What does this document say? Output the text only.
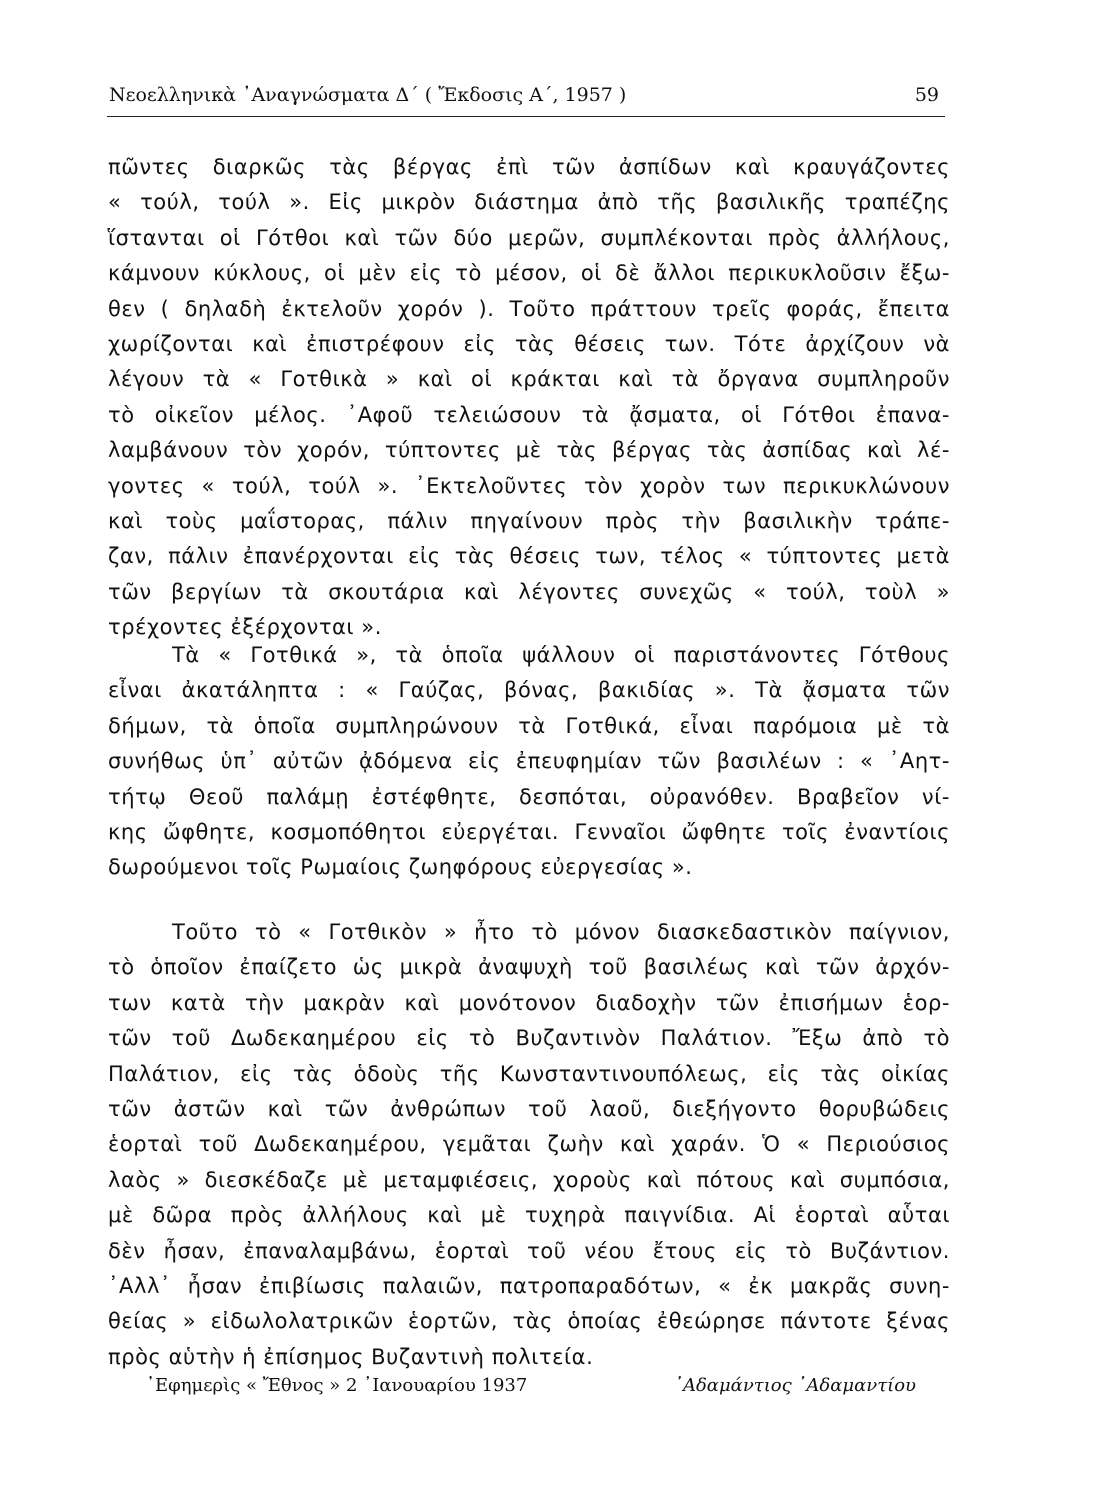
Νεοελληνικὰ ᾿Αναγνώσματα Δ΄ ( Ἔκδοσις Α΄, 1957 )	59
πῶντες διαρκῶς τὰς βέργας ἐπὶ τῶν ἀσπίδων καὶ κραυγάζοντες
« τούλ, τούλ ». Εἰς μικρὸν διάστημα ἀπὸ τῆς βασιλικῆς τραπέζης
ἵστανται οἱ Γότθοι καὶ τῶν δύο μερῶν, συμπλέκονται πρὸς ἀλλήλους,
κάμνουν κύκλους, οἱ μὲν εἰς τὸ μέσον, οἱ δὲ ἄλλοι περικυκλοῦσιν ἔξω-
θεν ( δηλαδὴ ἐκτελοῦν χορόν ). Τοῦτο πράττουν τρεῖς φοράς, ἔπειτα
χωρίζονται καὶ ἐπιστρέφουν εἰς τὰς θέσεις των. Τότε ἀρχίζουν νὰ
λέγουν τὰ « Γοτθικὰ » καὶ οἱ κράκται καὶ τὰ ὄργανα συμπληροῦν
τὸ οἰκεῖον μέλος. ᾿Αφοῦ τελειώσουν τὰ ᾄσματα, οἱ Γότθοι ἐπανα-
λαμβάνουν τὸν χορόν, τύπτοντες μὲ τὰς βέργας τὰς ἀσπίδας καὶ λέ-
γοντες « τούλ, τούλ ». ᾿Εκτελοῦντες τὸν χορὸν των περικυκλώνουν
καὶ τοὺς μαΐστορας, πάλιν πηγαίνουν πρὸς τὴν βασιλικὴν τράπε-
ζαν, πάλιν ἐπανέρχονται εἰς τὰς θέσεις των, τέλος « τύπτοντες μετὰ
τῶν βεργίων τὰ σκουτάρια καὶ λέγοντες συνεχῶς « τούλ, τοὺλ »
τρέχοντες ἐξέρχονται ».
Τὰ « Γοτθικά », τὰ ὁποῖα ψάλλουν οἱ παριστάνοντες Γότθους
εἶναι ἀκατάληπτα : « Γαύζας, βόνας, βακιδίας ». Τὰ ᾄσματα τῶν
δήμων, τὰ ὁποῖα συμπληρώνουν τὰ Γοτθικά, εἶναι παρόμοια μὲ τὰ
συνήθως ὑπ᾿ αὐτῶν ᾀδόμενα εἰς ἐπευφημίαν τῶν βασιλέων : « ᾿Αητ-
τήτῳ Θεοῦ παλάμῃ ἐστέφθητε, δεσπόται, οὐρανόθεν. Βραβεῖον νί-
κης ὤφθητε, κοσμοπόθητοι εὐεργέται. Γενναῖοι ὤφθητε τοῖς ἐναντίοις
δωρούμενοι τοῖς Ρωμαίοις ζωηφόρους εὐεργεσίας ».
Τοῦτο τὸ « Γοτθικὸν » ἦτο τὸ μόνον διασκεδαστικὸν παίγνιον,
τὸ ὁποῖον ἐπαίζετο ὡς μικρὰ ἀναψυχὴ τοῦ βασιλέως καὶ τῶν ἀρχόν-
των κατὰ τὴν μακρὰν καὶ μονότονον διαδοχὴν τῶν ἐπισήμων ἑορ-
τῶν τοῦ Δωδεκαημέρου εἰς τὸ Βυζαντινὸν Παλάτιον. Ἔξω ἀπὸ τὸ
Παλάτιον, εἰς τὰς ὁδοὺς τῆς Κωνσταντινουπόλεως, εἰς τὰς οἰκίας
τῶν ἀστῶν καὶ τῶν ἀνθρώπων τοῦ λαοῦ, διεξήγοντο θορυβώδεις
ἑορταὶ τοῦ Δωδεκαημέρου, γεμᾶται ζωὴν καὶ χαράν. Ὁ « Περιούσιος
λαὸς » διεσκέδαζε μὲ μεταμφιέσεις, χοροὺς καὶ πότους καὶ συμπόσια,
μὲ δῶρα πρὸς ἀλλήλους καὶ μὲ τυχηρὰ παιγνίδια. Αἱ ἑορταὶ αὗται
δὲν ἦσαν, ἐπαναλαμβάνω, ἑορταὶ τοῦ νέου ἔτους εἰς τὸ Βυζάντιον.
᾿Αλλ᾿ ἦσαν ἐπιβίωσις παλαιῶν, πατροπαραδότων, « ἐκ μακρᾶς συνη-
θείας » εἰδωλολατρικῶν ἑορτῶν, τὰς ὁποίας ἐθεώρησε πάντοτε ξένας
πρὸς αὑτὴν ἡ ἐπίσημος Βυζαντινὴ πολιτεία.
᾿Εφημερὶς « Ἔθνος » 2 ᾿Ιανουαρίου 1937	᾿Αδαμάντιος ᾿Αδαμαντίου
